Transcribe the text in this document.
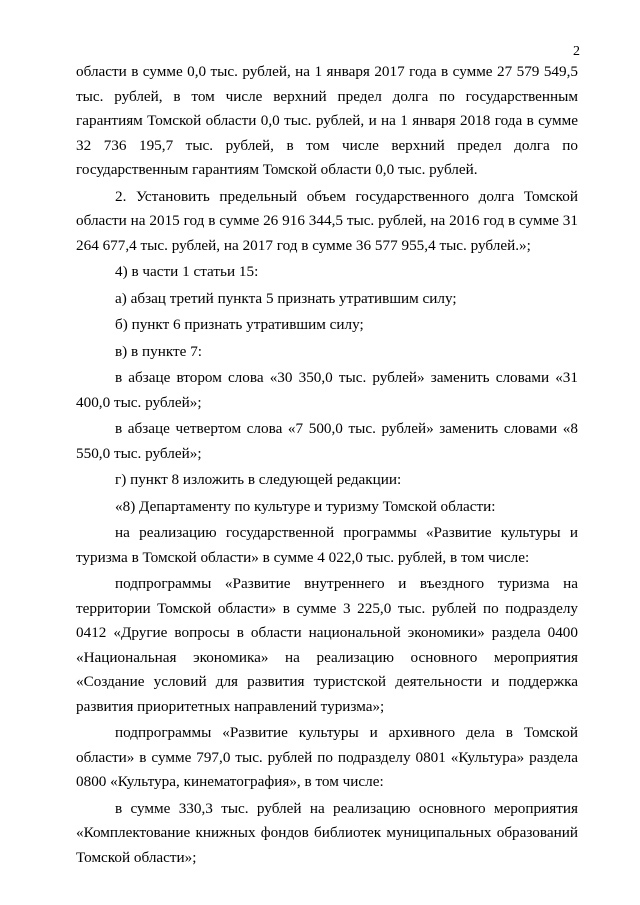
2

области в сумме 0,0 тыс. рублей, на 1 января 2017 года в сумме 27 579 549,5 тыс. рублей, в том числе верхний предел долга по государственным гарантиям Томской области 0,0 тыс. рублей, и на 1 января 2018 года в сумме 32 736 195,7 тыс. рублей, в том числе верхний предел долга по государственным гарантиям Томской области 0,0 тыс. рублей.

2. Установить предельный объем государственного долга Томской области на 2015 год в сумме 26 916 344,5 тыс. рублей, на 2016 год в сумме 31 264 677,4 тыс. рублей, на 2017 год в сумме 36 577 955,4 тыс. рублей.»;

4) в части 1 статьи 15:

а) абзац третий пункта 5 признать утратившим силу;

б) пункт 6 признать утратившим силу;

в) в пункте 7:

в абзаце втором слова «30 350,0 тыс. рублей» заменить словами «31 400,0 тыс. рублей»;

в абзаце четвертом слова «7 500,0 тыс. рублей» заменить словами «8 550,0 тыс. рублей»;

г) пункт 8 изложить в следующей редакции:

«8) Департаменту по культуре и туризму Томской области:

на реализацию государственной программы «Развитие культуры и туризма в Томской области» в сумме 4 022,0 тыс. рублей, в том числе:

подпрограммы «Развитие внутреннего и въездного туризма на территории Томской области» в сумме 3 225,0 тыс. рублей по подразделу 0412 «Другие вопросы в области национальной экономики» раздела 0400 «Национальная экономика» на реализацию основного мероприятия «Создание условий для развития туристской деятельности и поддержка развития приоритетных направлений туризма»;

подпрограммы «Развитие культуры и архивного дела в Томской области» в сумме 797,0 тыс. рублей по подразделу 0801 «Культура» раздела 0800 «Культура, кинематография», в том числе:

в сумме 330,3 тыс. рублей на реализацию основного мероприятия «Комплектование книжных фондов библиотек муниципальных образований Томской области»;
